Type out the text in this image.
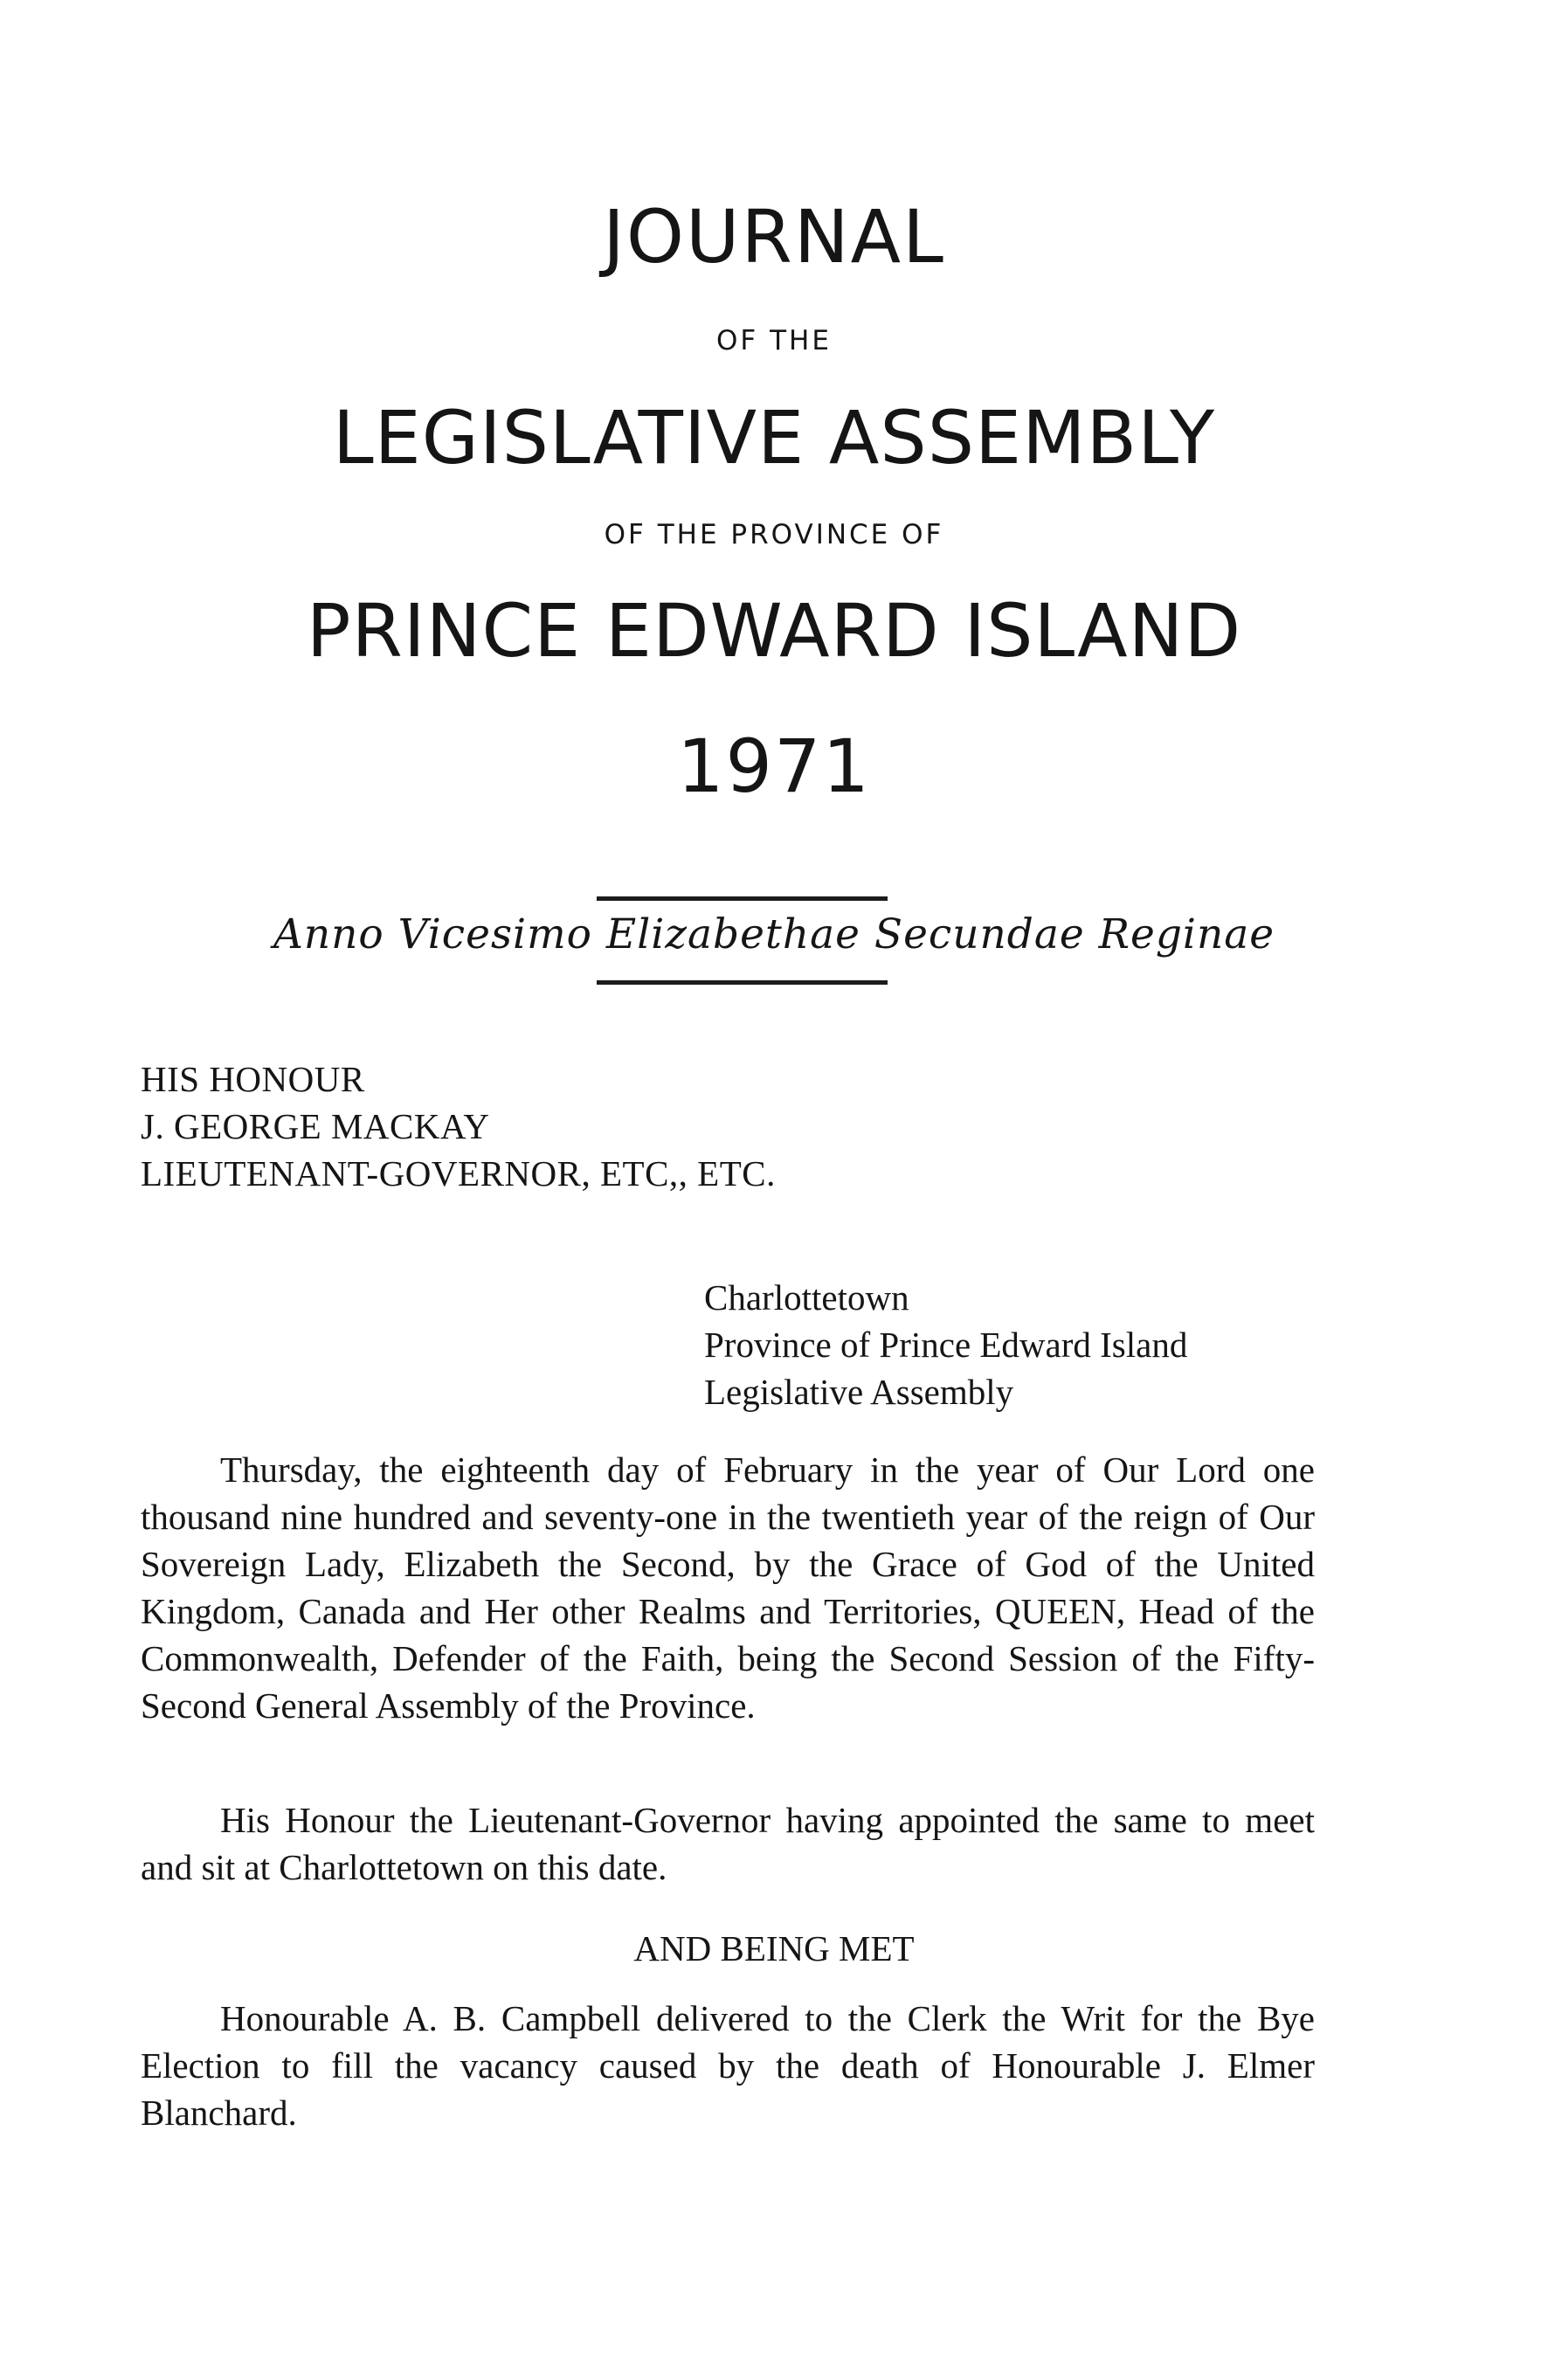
JOURNAL
OF THE
LEGISLATIVE ASSEMBLY
OF THE PROVINCE OF
PRINCE EDWARD ISLAND
1971
Anno Vicesimo Elizabethae Secundae Reginae
HIS HONOUR
J. GEORGE MACKAY
LIEUTENANT-GOVERNOR, ETC,, ETC.
Charlottetown
Province of Prince Edward Island
Legislative Assembly
Thursday, the eighteenth day of February in the year of Our Lord one thousand nine hundred and seventy-one in the twentieth year of the reign of Our Sovereign Lady, Elizabeth the Second, by the Grace of God of the United Kingdom, Canada and Her other Realms and Territories, QUEEN, Head of the Commonwealth, Defender of the Faith, being the Second Session of the Fifty-Second General Assembly of the Province.
His Honour the Lieutenant-Governor having appointed the same to meet and sit at Charlottetown on this date.
AND BEING MET
Honourable A. B. Campbell delivered to the Clerk the Writ for the Bye Election to fill the vacancy caused by the death of Honourable J. Elmer Blanchard.
